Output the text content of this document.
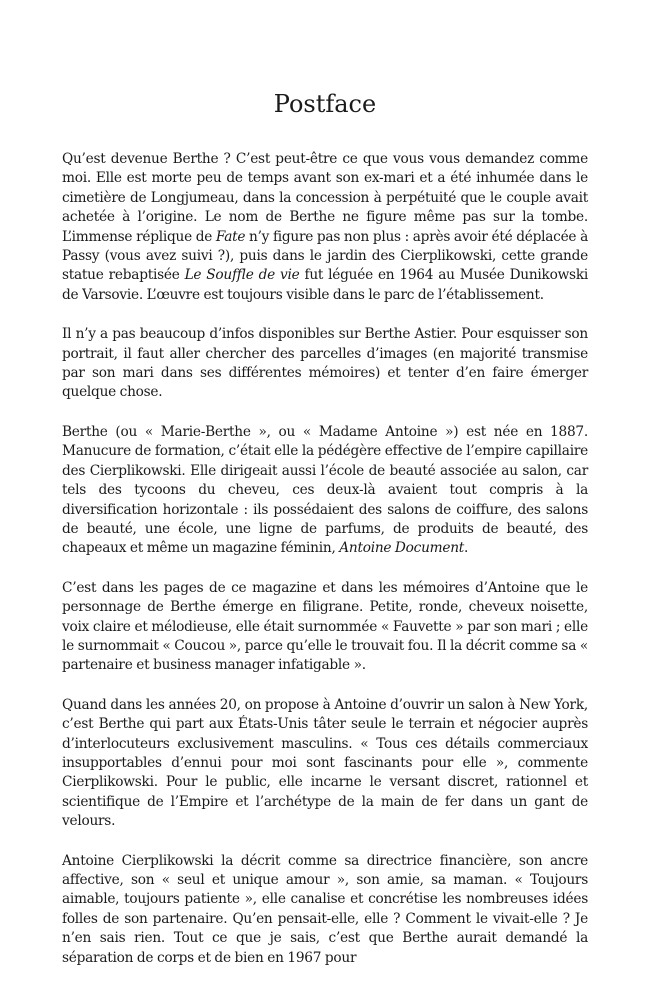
Postface

Qu’est devenue Berthe ? C’est peut-être ce que vous vous demandez comme moi. Elle est morte peu de temps avant son ex-mari et a été inhumée dans le cimetière de Longjumeau, dans la concession à perpétuité que le couple avait achetée à l’origine. Le nom de Berthe ne figure même pas sur la tombe. L’immense réplique de Fate n’y figure pas non plus : après avoir été déplacée à Passy (vous avez suivi ?), puis dans le jardin des Cierplikowski, cette grande statue rebaptisée Le Souffle de vie fut léguée en 1964 au Musée Dunikowski de Varsovie. L’œuvre est toujours visible dans le parc de l’établissement.

Il n’y a pas beaucoup d’infos disponibles sur Berthe Astier. Pour esquisser son portrait, il faut aller chercher des parcelles d’images (en majorité transmise par son mari dans ses différentes mémoires) et tenter d’en faire émerger quelque chose.

Berthe (ou « Marie-Berthe », ou « Madame Antoine ») est née en 1887. Manucure de formation, c’était elle la pédégère effective de l’empire capillaire des Cierplikowski. Elle dirigeait aussi l’école de beauté associée au salon, car tels des tycoons du cheveu, ces deux-là avaient tout compris à la diversification horizontale : ils possédaient des salons de coiffure, des salons de beauté, une école, une ligne de parfums, de produits de beauté, des chapeaux et même un magazine féminin, Antoine Document.

C’est dans les pages de ce magazine et dans les mémoires d’Antoine que le personnage de Berthe émerge en filigrane. Petite, ronde, cheveux noisette, voix claire et mélodieuse, elle était surnommée « Fauvette » par son mari ; elle le surnommait « Coucou », parce qu’elle le trouvait fou. Il la décrit comme sa « partenaire et business manager infatigable ».

Quand dans les années 20, on propose à Antoine d’ouvrir un salon à New York, c’est Berthe qui part aux États-Unis tâter seule le terrain et négocier auprès d’interlocuteurs exclusivement masculins. « Tous ces détails commerciaux insupportables d’ennui pour moi sont fascinants pour elle », commente Cierplikowski. Pour le public, elle incarne le versant discret, rationnel et scientifique de l’Empire et l’archétype de la main de fer dans un gant de velours.

Antoine Cierplikowski la décrit comme sa directrice financière, son ancre affective, son « seul et unique amour », son amie, sa maman. « Toujours aimable, toujours patiente », elle canalise et concrétise les nombreuses idées folles de son partenaire. Qu’en pensait-elle, elle ? Comment le vivait-elle ? Je n’en sais rien. Tout ce que je sais, c’est que Berthe aurait demandé la séparation de corps et de bien en 1967 pour
